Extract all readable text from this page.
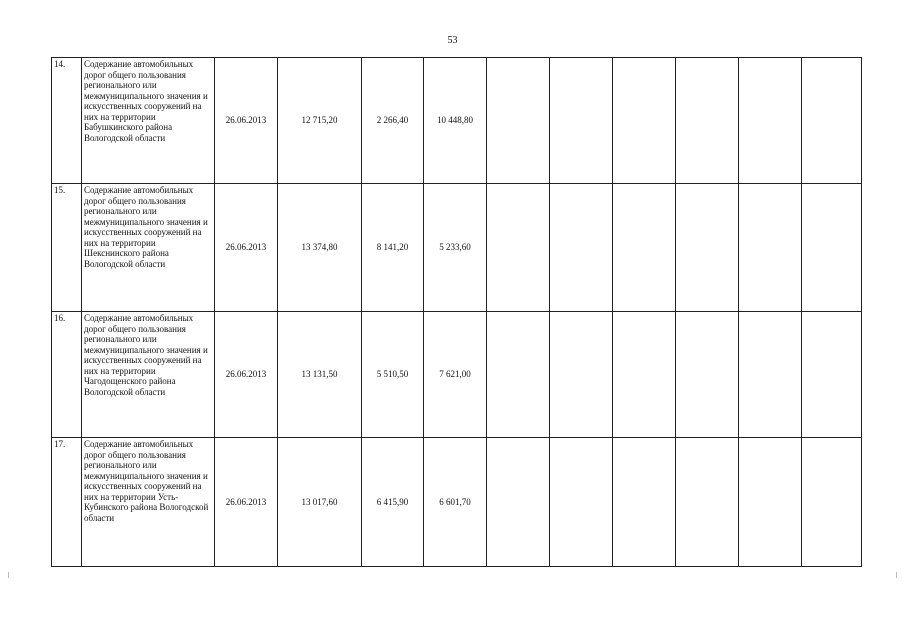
53
14.	Содержание автомобильных дорог общего пользования регионального или межмуниципального значения и искусственных сооружений на них на территории Бабушкинского района Вологодской области	26.06.2013	12 715,20	2 266,40	10 448,80						
15.	Содержание автомобильных дорог общего пользования регионального или межмуниципального значения и искусственных сооружений на них на территории Шекснинского района Вологодской области	26.06.2013	13 374,80	8 141,20	5 233,60						
16.	Содержание автомобильных дорог общего пользования регионального или межмуниципального значения и искусственных сооружений на них на территории Чагодощенского района Вологодской области	26.06.2013	13 131,50	5 510,50	7 621,00						
17.	Содержание автомобильных дорог общего пользования регионального или межмуниципального значения и искусственных сооружений на них на территории Усть-Кубинского района Вологодской области	26.06.2013	13 017,60	6 415,90	6 601,70						
